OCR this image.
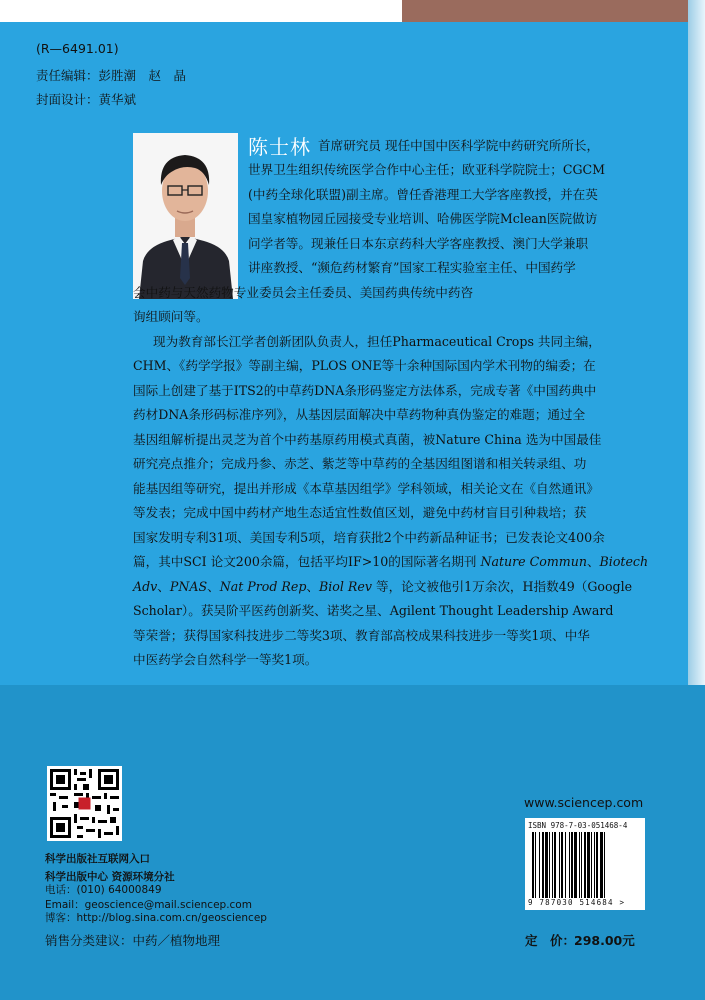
(R—6491.01)
责任编辑：彭胜潮　赵　晶
封面设计：黄华斌
陈士林 首席研究员 现任中国中医科学院中药研究所所长，
世界卫生组织传统医学合作中心主任；欧亚科学院院士；CGCM
(中药全球化联盟)副主席。曾任香港理工大学客座教授，并在英
国皇家植物园丘园接受专业培训、哈佛医学院Mclean医院做访
问学者等。现兼任日本东京药科大学客座教授、澳门大学兼职
讲座教授、“濒危药材繁育”国家工程实验室主任、中国药学
会中药与天然药物专业委员会主任委员、美国药典传统中药咨
询组顾问等。
现为教育部长江学者创新团队负责人，担任Pharmaceutical Crops 共同主编，
CHM、《药学学报》等副主编，PLOS ONE等十余种国际国内学术刊物的编委；在
国际上创建了基于ITS2的中草药DNA条形码鉴定方法体系，完成专著《中国药典中
药材DNA条形码标准序列》，从基因层面解决中草药物种真伪鉴定的难题；通过全
基因组解析提出灵芝为首个中药基原药用模式真菌，被Nature China 选为中国最佳
研究亮点推介；完成丹参、赤芝、紫芝等中草药的全基因组图谱和相关转录组、功
能基因组等研究，提出并形成《本草基因组学》学科领域，相关论文在《自然通讯》
等发表；完成中国中药材产地生态适宜性数值区划，避免中药材盲目引种栽培；获
国家发明专利31项、美国专利5项，培育获批2个中药新品种证书；已发表论文400余
篇，其中SCI 论文200余篇，包括平均IF>10的国际著名期刊 Nature Commun、Biotech
Adv、PNAS、Nat Prod Rep、Biol Rev 等，论文被他引1万余次，H指数49（Google
Scholar）。获吴阶平医药创新奖、诺奖之星、Agilent Thought Leadership Award
等荣誉；获得国家科技进步二等奖3项、教育部高校成果科技进步一等奖1项、中华
中医药学会自然科学一等奖1项。
科学出版社互联网入口
科学出版中心 资源环境分社
电话：(010) 64000849
Email：geoscience@mail.sciencep.com
博客：http://blog.sina.com.cn/geosciencep
www.sciencep.com
ISBN 978-7-03-051468-4
9 787030 514684 >
销售分类建议：中药／植物地理	定　价：
298.00元
